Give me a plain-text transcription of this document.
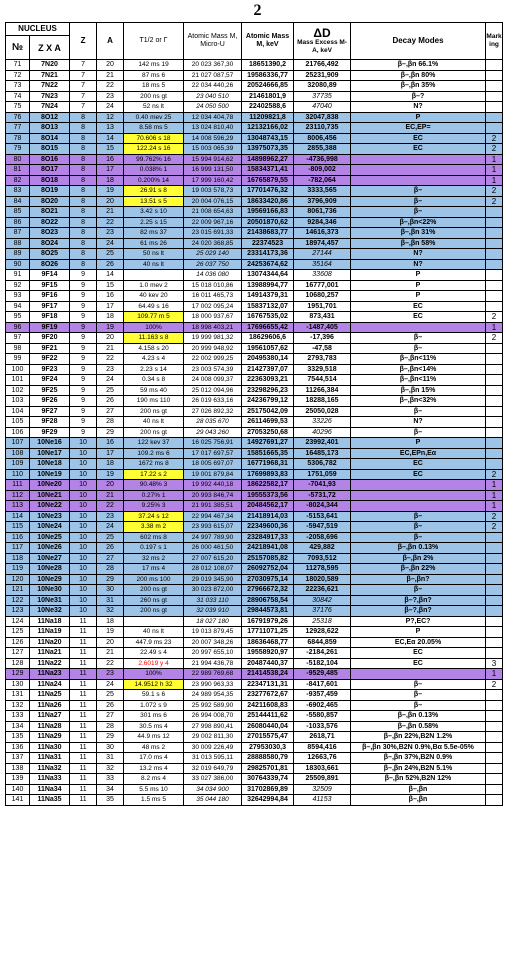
2
NUCLEUS		Z	A	T1/2 or Γ	Atomic Mass M, Micro-U	Atomic Mass M, keV	ΔD
Mass Excess M-A, keV	Decay Modes	Marking
№	Z X A								
71	7N20	7	20	142 ms 19	20 023 367,30	18651390,2	21766,492	β–,βn 66.1%	
72	7N21	7	21	87 ms 6	21 027 087,57	19586336,77	25231,909	β–,βn 80%	
73	7N22	7	22	18 ms 5	22 034 440,26	20524666,85	32080,89	β–,βn 35%	
74	7N23	7	23	200 ns gt	23 040 510	21461801,9	37735	β–?	
75	7N24	7	24	52 ns lt	24 050 500	22402588,6	47040	N?	
76	8O12	8	12	0.40 mev 25	12 034 404,78	11209821,8	32047,838	P	
77	8O13	8	13	8.58 ms 5	13 024 810,40	12132166,02	23110,735	EC,EP=	
78	8O14	8	14	70.606 s 18	14 008 596,29	13048743,15	8006,456	EC	2
79	8O15	8	15	122.24 s 16	15 003 065,39	13975073,35	2855,388	EC	2
80	8O16	8	16	99.762% 16	15 994 914,62	14898962,27	-4736,998		1
81	8O17	8	17	0.038% 1	16 999 131,50	15834371,41	-809,002		1
82	8O18	8	18	0.200% 14	17 999 160,42	16765879,55	-782,064		1
83	8O19	8	19	26.91 s 8	19 003 578,73	17701476,32	3333,565	β–	2
84	8O20	8	20	13.51 s 5	20 004 076,15	18633420,86	3796,909	β–	2
85	8O21	8	21	3.42 s 10	21 008 654,63	19569166,83	8061,736	β–	
86	8O22	8	22	2.25 s 15	22 009 967,16	20501870,62	9284,346	β–,βn<22%	
87	8O23	8	23	82 ms 37	23 015 691,33	21438683,77	14616,373	β–,βn 31%	
88	8O24	8	24	61 ms 26	24 020 368,85	22374523	18974,457	β–,βn 58%	
89	8O25	8	25	50 ns lt	25 029 140	23314173,36	27144	N?	
90	8O26	8	26	40 ns lt	26 037 750	24253674,62	35164	N?	
91	9F14	9	14		14 036 080	13074344,64	33608	P	
92	9F15	9	15	1.0 mev 2	15 018 010,86	13988994,77	16777,001	P	
93	9F16	9	16	40 kev 20	16 011 465,73	14914379,31	10680,257	P	
94	9F17	9	17	64.49 s 16	17 002 095,24	15837132,07	1951,701	EC	
95	9F18	9	18	109.77 m 5	18 000 937,67	16767535,02	873,431	EC	2
96	9F19	9	19	100%	18 998 403,21	17696655,42	-1487,405		1
97	9F20	9	20	11.163 s 8	19 999 981,32	18629606,6	-17,396	β–	2
98	9F21	9	21	4.158 s 20	20 999 948,92	19561057,62	-47,58	β–	
99	9F22	9	22	4.23 s 4	22 002 999,25	20495380,14	2793,783	β–,βn<11%	
100	9F23	9	23	2.23 s 14	23 003 574,39	21427397,07	3329,518	β–,βn<14%	
101	9F24	9	24	0.34 s 8	24 008 099,37	22363093,21	7544,514	β–,βn<11%	
102	9F25	9	25	59 ms 40	25 012 094,96	23298296,23	11266,384	β–,βn 15%	
103	9F26	9	26	190 ms 110	26 019 633,16	24236799,12	18288,165	β–,βn<32%	
104	9F27	9	27	200 ns gt	27 026 892,32	25175042,09	25050,028	β–	
105	9F28	9	28	40 ns lt	28 035 670	26114699,53	33226	N?	
106	9F29	9	29	200 ns gt	29 043 260	27053250,68	40296	β–	
107	10Ne16	10	16	122 kev 37	16 025 756,91	14927691,27	23992,401	P	
108	10Ne17	10	17	109.2 ms 6	17 017 697,57	15851665,35	16485,173	EC,EPn,Eα	
109	10Ne18	10	18	1672 ms 8	18 005 697,07	16771968,31	5306,782	EC	
110	10Ne19	10	19	17.22 s 2	19 001 879,84	17699893,83	1751,059	EC	2
111	10Ne20	10	20	90.48% 3	19 992 440,18	18622582,17	-7041,93		1
112	10Ne21	10	21	0.27% 1	20 993 846,74	19555373,56	-5731,72		1
113	10Ne22	10	22	9.25% 3	21 991 385,51	20484562,17	-8024,344		1
114	10Ne23	10	23	37.24 s 12	22 994 467,34	21418914,03	-5153,641	β–	2
115	10Ne24	10	24	3.38 m 2	23 993 615,07	22349600,36	-5947,519	β–	2
116	10Ne25	10	25	602 ms 8	24 997 789,90	23284917,33	-2058,696	β–	
117	10Ne26	10	26	0.197 s 1	26 000 461,50	24218941,08	429,882	β–,βn 0.13%	
118	10Ne27	10	27	32 ms 2	27 007 615,20	25157085,82	7093,512	β–,βn 2%	
119	10Ne28	10	28	17 ms 4	28 012 108,07	26092752,04	11278,595	β–,βn 22%	
120	10Ne29	10	29	200 ms 100	29 019 345,90	27030975,14	18020,589	β–,βn?	
121	10Ne30	10	30	200 ns gt	30 023 872,00	27966672,32	22236,621	β–	
122	10Ne31	10	31	260 ns gt	31 033 110	28906758,54	30842	β–?,βn?	
123	10Ne32	10	32	200 ns gt	32 039 910	29844573,81	37176	β–?,βn?	
124	11Na18	11	18		18 027 180	16791979,26	25318	P?,EC?	
125	11Na19	11	19	40 ns lt	19 013 879,45	17711071,25	12928,622	P	
126	11Na20	11	20	447.9 ms 23	20 007 348,26	18636468,77	6844,859	EC,Eα 20.05%	
127	11Na21	11	21	22.49 s 4	20 997 655,10	19558920,97	-2184,261	EC	
128	11Na22	11	22	2.6019 y 4	21 994 436,78	20487440,37	-5182,104	EC	3
129	11Na23	11	23	100%	22 989 769,68	21414538,24	-9529,485		1
130	11Na24	11	24	14.9512 h 32	23 990 963,33	22347131,31	-8417,601	β–	2
131	11Na25	11	25	59.1 s 6	24 989 954,35	23277672,67	-9357,459	β–	
132	11Na26	11	26	1.072 s 9	25 992 589,90	24211608,83	-6902,465	β–	
133	11Na27	11	27	301 ms 6	26 994 008,70	25144411,62	-5580,857	β–,βn 0.13%	
134	11Na28	11	28	30.5 ms 4	27 998 890,41	26080440,04	-1033,576	β–,βn 0.58%	
135	11Na29	11	29	44.9 ms 12	29 002 811,30	27015575,47	2618,71	β–,βn 22%,B2N 1.2%	
136	11Na30	11	30	48 ms 2	30 009 226,49	27953030,3	8594,416	β–,βn 30%,B2N 0.9%,Bα 5.5e-05%	
137	11Na31	11	31	17.0 ms 4	31 013 595,11	28888580,79	12663,76	β–,βn 37%,B2N 0.9%	
138	11Na32	11	32	13.2 ms 4	32 019 649,79	29825701,81	18303,661	β–,βn 24%,B2N 5.1%	
139	11Na33	11	33	8.2 ms 4	33 027 386,00	30764339,74	25509,891	β–,βn 52%,B2N 12%	
140	11Na34	11	34	5.5 ms 10	34 034 900	31702869,89	32509	β–,βn	
141	11Na35	11	35	1.5 ms 5	35 044 180	32642994,84	41153	β–,βn	
